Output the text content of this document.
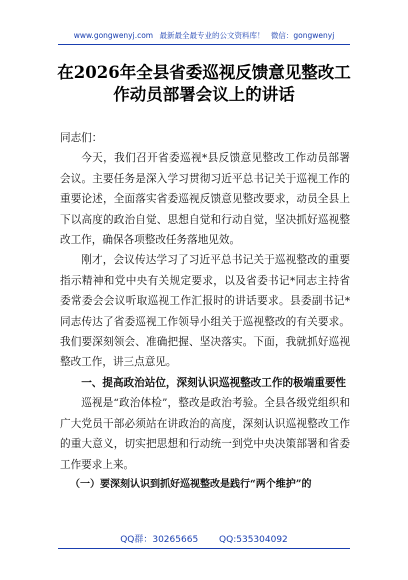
www.gongwenyj.com 最新最全最专业的公文资料库！ 微信：gongwenyj
在2026年全县省委巡视反馈意见整改工
作动员部署会议上的讲话

同志们：

今天，我们召开省委巡视*县反馈意见整改工作动员部署会议。主要任务是深入学习贯彻习近平总书记关于巡视工作的重要论述，全面落实省委巡视反馈意见整改要求，动员全县上下以高度的政治自觉、思想自觉和行动自觉，坚决抓好巡视整改工作，确保各项整改任务落地见效。

刚才，会议传达学习了习近平总书记关于巡视整改的重要指示精神和党中央有关规定要求，以及省委书记*同志主持省委常委会会议听取巡视工作汇报时的讲话要求。县委副书记*同志传达了省委巡视工作领导小组关于巡视整改的有关要求。我们要深刻领会、准确把握、坚决落实。下面，我就抓好巡视整改工作，讲三点意见。

一、提高政治站位，深刻认识巡视整改工作的极端重要性

巡视是“政治体检”，整改是政治考验。全县各级党组织和广大党员干部必须站在讲政治的高度，深刻认识巡视整改工作的重大意义，切实把思想和行动统一到党中央决策部署和省委工作要求上来。

（一）要深刻认识到抓好巡视整改是践行“两个维护”的

QQ群：30265665 QQ:535304092
